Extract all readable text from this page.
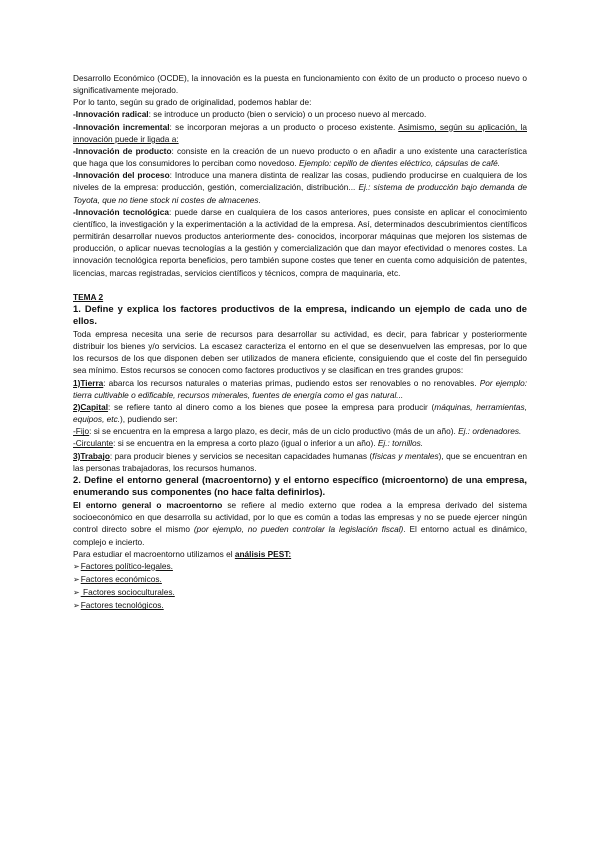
Desarrollo Económico (OCDE), la innovación es la puesta en funcionamiento con éxito de un producto o proceso nuevo o significativamente mejorado.

Por lo tanto, según su grado de originalidad, podemos hablar de:

-Innovación radical: se introduce un producto (bien o servicio) o un proceso nuevo al mercado.

-Innovación incremental: se incorporan mejoras a un producto o proceso existente. Asimismo, según su aplicación, la innovación puede ir ligada a:

-Innovación de producto: consiste en la creación de un nuevo producto o en añadir a uno existente una característica que haga que los consumidores lo perciban como novedoso. Ejemplo: cepillo de dientes eléctrico, cápsulas de café.

-Innovación del proceso: Introduce una manera distinta de realizar las cosas, pudiendo producirse en cualquiera de los niveles de la empresa: producción, gestión, comercialización, distribución... Ej.: sistema de producción bajo demanda de Toyota, que no tiene stock ni costes de almacenes.

-Innovación tecnológica: puede darse en cualquiera de los casos anteriores, pues consiste en aplicar el conocimiento científico, la investigación y la experimentación a la actividad de la empresa. Así, determinados descubrimientos científicos permitirán desarrollar nuevos productos anteriormente des- conocidos, incorporar máquinas que mejoren los sistemas de producción, o aplicar nuevas tecnologías a la gestión y comercialización que dan mayor efectividad o menores costes. La innovación tecnológica reporta beneficios, pero también supone costes que tener en cuenta como adquisición de patentes, licencias, marcas registradas, servicios científicos y técnicos, compra de maquinaria, etc.

TEMA 2

1. Define y explica los factores productivos de la empresa, indicando un ejemplo de cada uno de ellos.

Toda empresa necesita una serie de recursos para desarrollar su actividad, es decir, para fabricar y posteriormente distribuir los bienes y/o servicios. La escasez caracteriza el entorno en el que se desenvuelven las empresas, por lo que los recursos de los que disponen deben ser utilizados de manera eficiente, consiguiendo que el coste del fin perseguido sea mínimo. Estos recursos se conocen como factores productivos y se clasifican en tres grandes grupos:

1)Tierra: abarca los recursos naturales o materias primas, pudiendo estos ser renovables o no renovables. Por ejemplo: tierra cultivable o edificable, recursos minerales, fuentes de energía como el gas natural...

2)Capital: se refiere tanto al dinero como a los bienes que posee la empresa para producir (máquinas, herramientas, equipos, etc.), pudiendo ser:

-Fijo: si se encuentra en la empresa a largo plazo, es decir, más de un ciclo productivo (más de un año). Ej.: ordenadores.

-Circulante: si se encuentra en la empresa a corto plazo (igual o inferior a un año). Ej.: tornillos.

3)Trabajo: para producir bienes y servicios se necesitan capacidades humanas (físicas y mentales), que se encuentran en las personas trabajadoras, los recursos humanos.

2. Define el entorno general (macroentorno) y el entorno específico (microentorno) de una empresa, enumerando sus componentes (no hace falta definirlos).

El entorno general o macroentorno se refiere al medio externo que rodea a la empresa derivado del sistema socioeconómico en que desarrolla su actividad, por lo que es común a todas las empresas y no se puede ejercer ningún control directo sobre el mismo (por ejemplo, no pueden controlar la legislación fiscal). El entorno actual es dinámico, complejo e incierto.

Para estudiar el macroentorno utilizamos el análisis PEST:

➢Factores político-legales.
➢Factores económicos.
➢ Factores socioculturales.
➢Factores tecnológicos.
